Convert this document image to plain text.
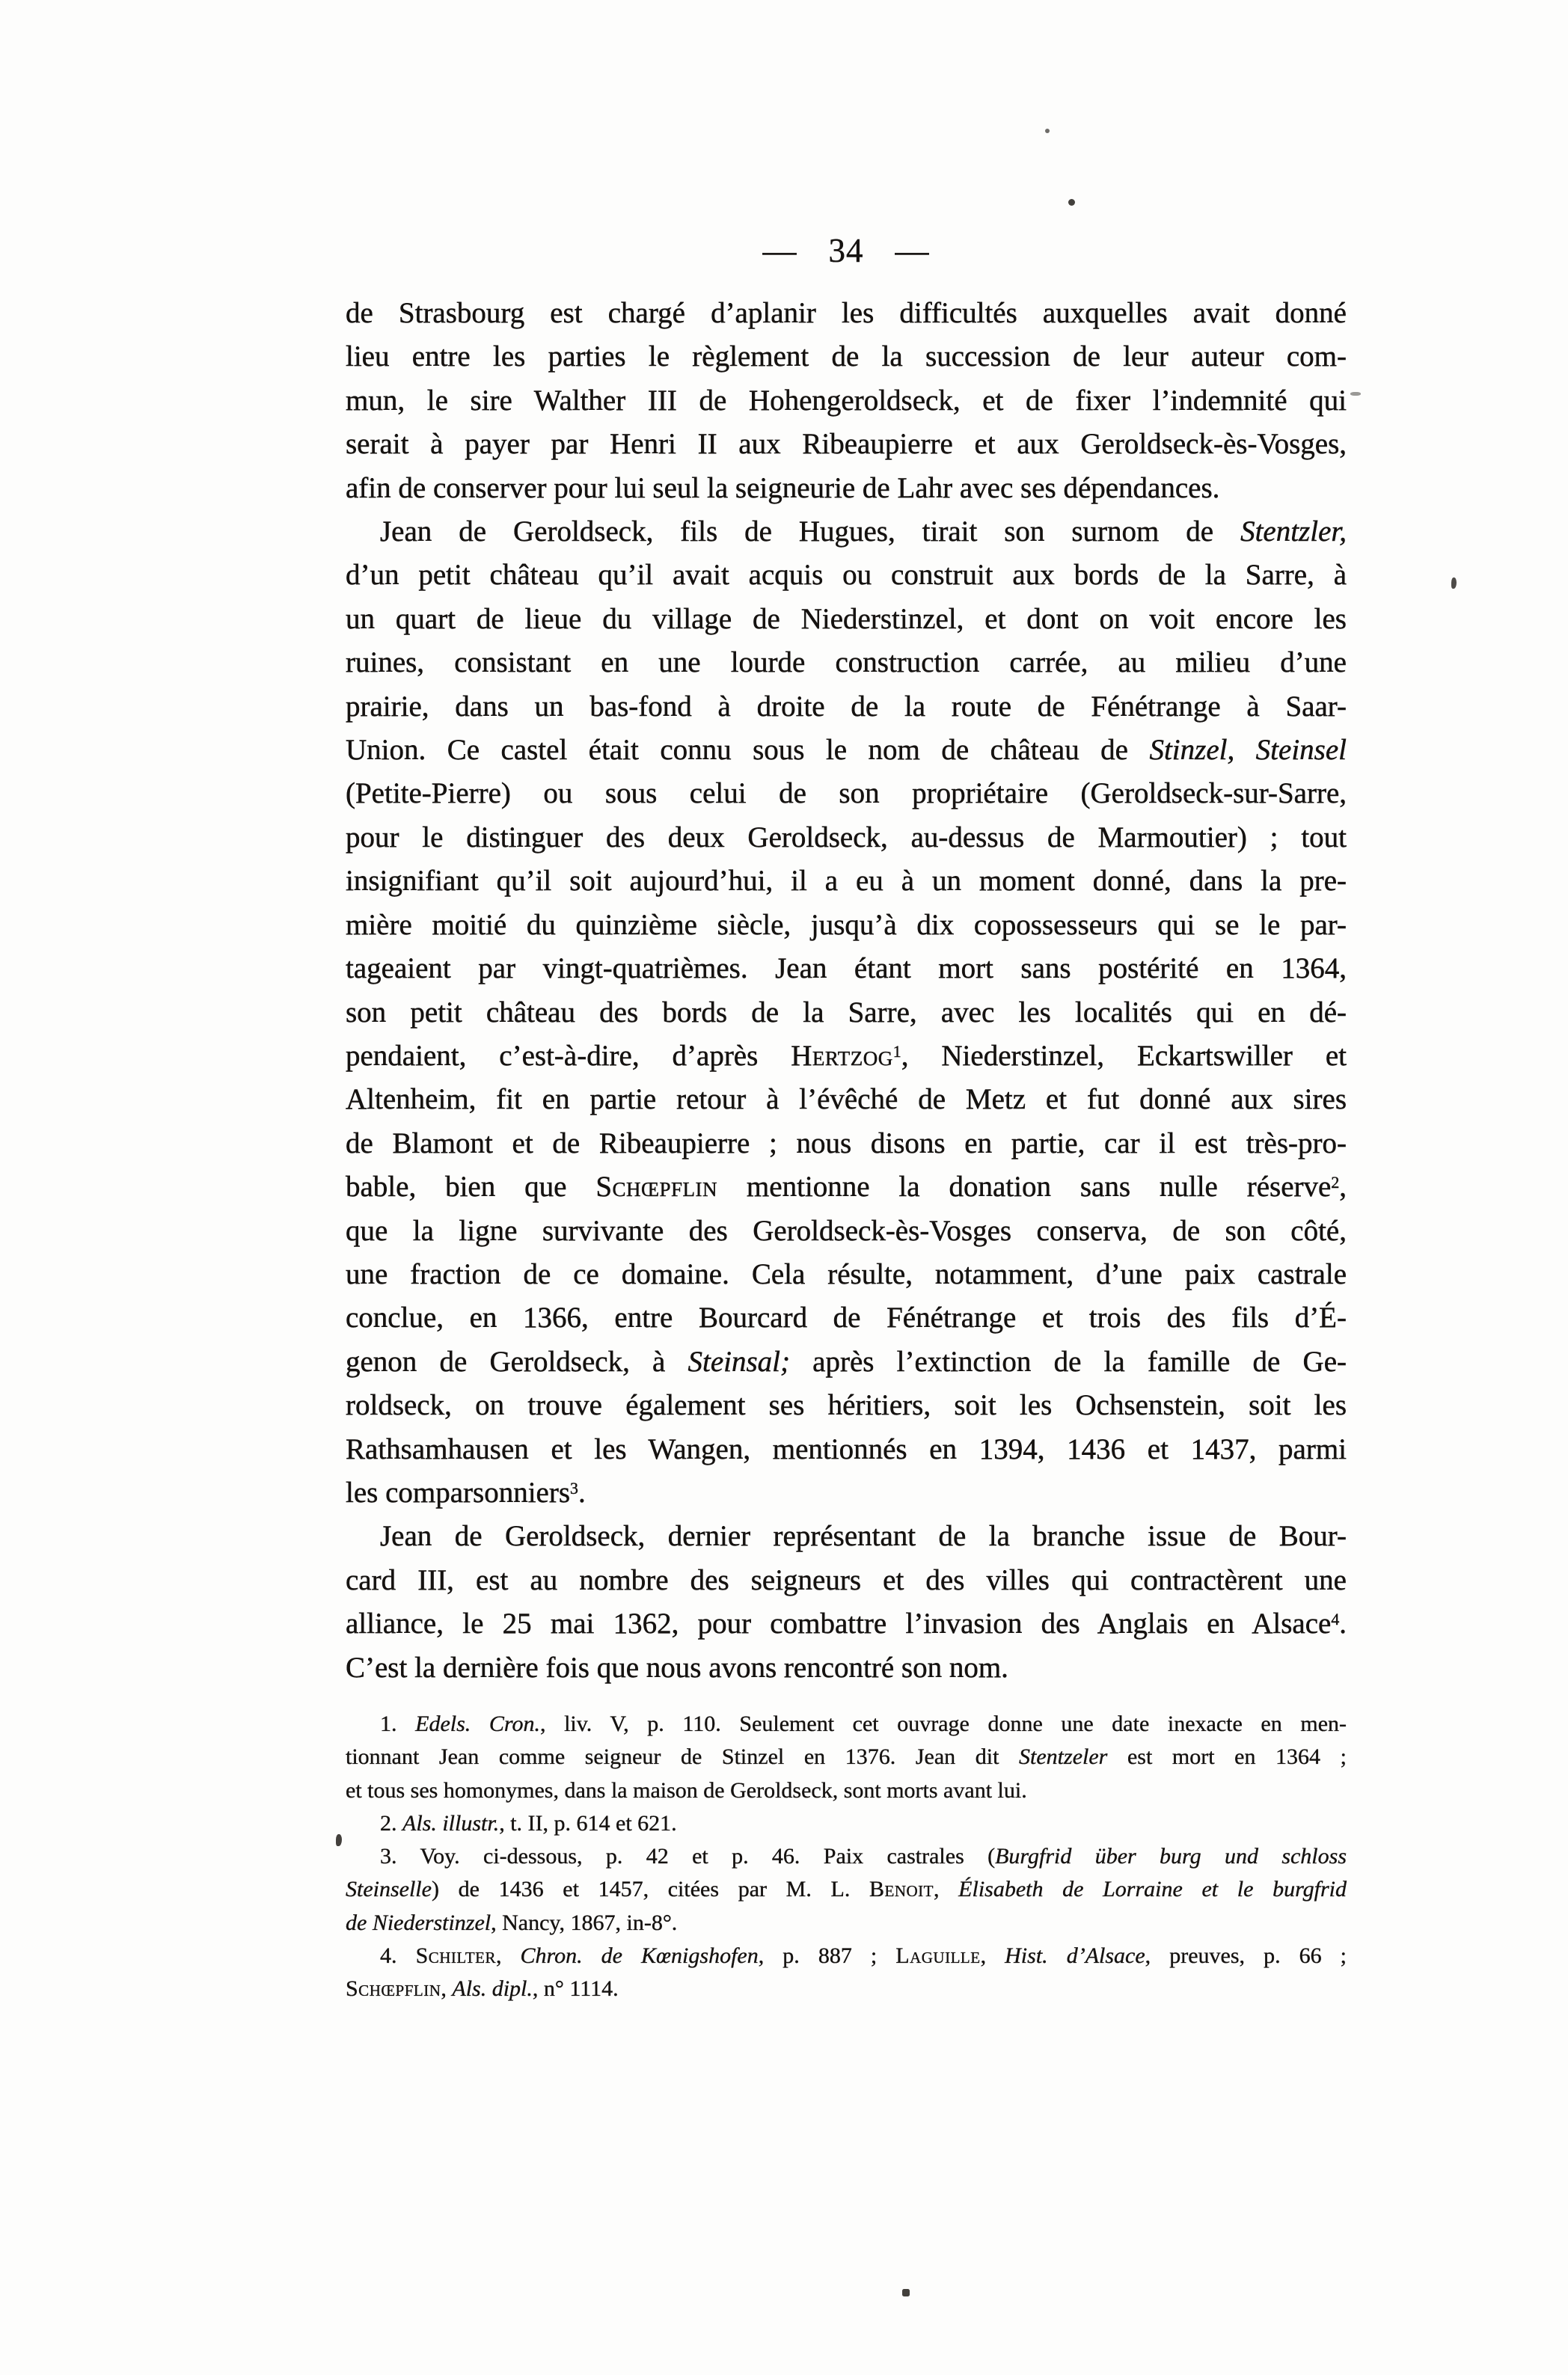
— 34 —
de Strasbourg est chargé d’aplanir les difficultés auxquelles avait donné
lieu entre les parties le règlement de la succession de leur auteur com-
mun, le sire Walther III de Hohengeroldseck, et de fixer l’indemnité qui
serait à payer par Henri II aux Ribeaupierre et aux Geroldseck-ès-Vosges,
afin de conserver pour lui seul la seigneurie de Lahr avec ses dépendances.
Jean de Geroldseck, fils de Hugues, tirait son surnom de Stentzler,
d’un petit château qu’il avait acquis ou construit aux bords de la Sarre, à
un quart de lieue du village de Niederstinzel, et dont on voit encore les
ruines, consistant en une lourde construction carrée, au milieu d’une
prairie, dans un bas-fond à droite de la route de Fénétrange à Saar-
Union. Ce castel était connu sous le nom de château de Stinzel, Steinsel
(Petite-Pierre) ou sous celui de son propriétaire (Geroldseck-sur-Sarre,
pour le distinguer des deux Geroldseck, au-dessus de Marmoutier) ; tout
insignifiant qu’il soit aujourd’hui, il a eu à un moment donné, dans la pre-
mière moitié du quinzième siècle, jusqu’à dix copossesseurs qui se le par-
tageaient par vingt-quatrièmes. Jean étant mort sans postérité en 1364,
son petit château des bords de la Sarre, avec les localités qui en dé-
pendaient, c’est-à-dire, d’après Hertzog$^1$, Niederstinzel, Eckartswiller et
Altenheim, fit en partie retour à l’évêché de Metz et fut donné aux sires
de Blamont et de Ribeaupierre ; nous disons en partie, car il est très-pro-
bable, bien que Schœpflin mentionne la donation sans nulle réserve$^2$,
que la ligne survivante des Geroldseck-ès-Vosges conserva, de son côté,
une fraction de ce domaine. Cela résulte, notamment, d’une paix castrale
conclue, en 1366, entre Bourcard de Fénétrange et trois des fils d’É-
genon de Geroldseck, à Steinsal; après l’extinction de la famille de Ge-
roldseck, on trouve également ses héritiers, soit les Ochsenstein, soit les
Rathsamhausen et les Wangen, mentionnés en 1394, 1436 et 1437, parmi
les comparsonniers$^3$.
Jean de Geroldseck, dernier représentant de la branche issue de Bour-
card III, est au nombre des seigneurs et des villes qui contractèrent une
alliance, le 25 mai 1362, pour combattre l’invasion des Anglais en Alsace$^4$.
C’est la dernière fois que nous avons rencontré son nom.
1. Edels. Cron., liv. V, p. 110. Seulement cet ouvrage donne une date inexacte en men-
tionnant Jean comme seigneur de Stinzel en 1376. Jean dit Stentzeler est mort en 1364 ;
et tous ses homonymes, dans la maison de Geroldseck, sont morts avant lui.
2. Als. illustr., t. II, p. 614 et 621.
3. Voy. ci-dessous, p. 42 et p. 46. Paix castrales (Burgfrid über burg und schloss
Steinselle) de 1436 et 1457, citées par M. L. Benoit, Élisabeth de Lorraine et le burgfrid
de Niederstinzel, Nancy, 1867, in-8°.
4. Schilter, Chron. de Kœnigshofen, p. 887 ; Laguille, Hist. d’Alsace, preuves, p. 66 ;
Schœpflin, Als. dipl., n° 1114.
